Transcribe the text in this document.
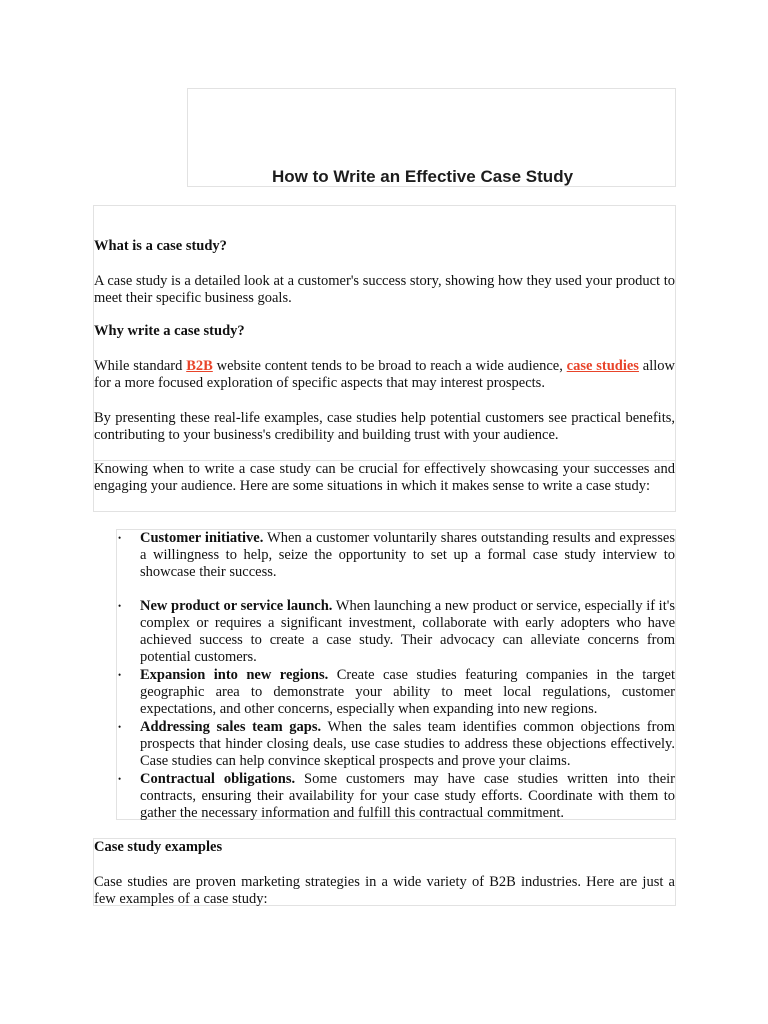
How to Write an Effective Case Study

What is a case study?

A case study is a detailed look at a customer's success story, showing how they used your product to meet their specific business goals.

Why write a case study?

While standard B2B website content tends to be broad to reach a wide audience, case studies allow for a more focused exploration of specific aspects that may interest prospects.

By presenting these real-life examples, case studies help potential customers see practical benefits, contributing to your business's credibility and building trust with your audience.

Knowing when to write a case study can be crucial for effectively showcasing your successes and engaging your audience. Here are some situations in which it makes sense to write a case study:

• Customer initiative. When a customer voluntarily shares outstanding results and expresses a willingness to help, seize the opportunity to set up a formal case study interview to showcase their success.
• New product or service launch. When launching a new product or service, especially if it's complex or requires a significant investment, collaborate with early adopters who have achieved success to create a case study. Their advocacy can alleviate concerns from potential customers.
• Expansion into new regions. Create case studies featuring companies in the target geographic area to demonstrate your ability to meet local regulations, customer expectations, and other concerns, especially when expanding into new regions.
• Addressing sales team gaps. When the sales team identifies common objections from prospects that hinder closing deals, use case studies to address these objections effectively. Case studies can help convince skeptical prospects and prove your claims.
• Contractual obligations. Some customers may have case studies written into their contracts, ensuring their availability for your case study efforts. Coordinate with them to gather the necessary information and fulfill this contractual commitment.

Case study examples

Case studies are proven marketing strategies in a wide variety of B2B industries. Here are just a few examples of a case study:
